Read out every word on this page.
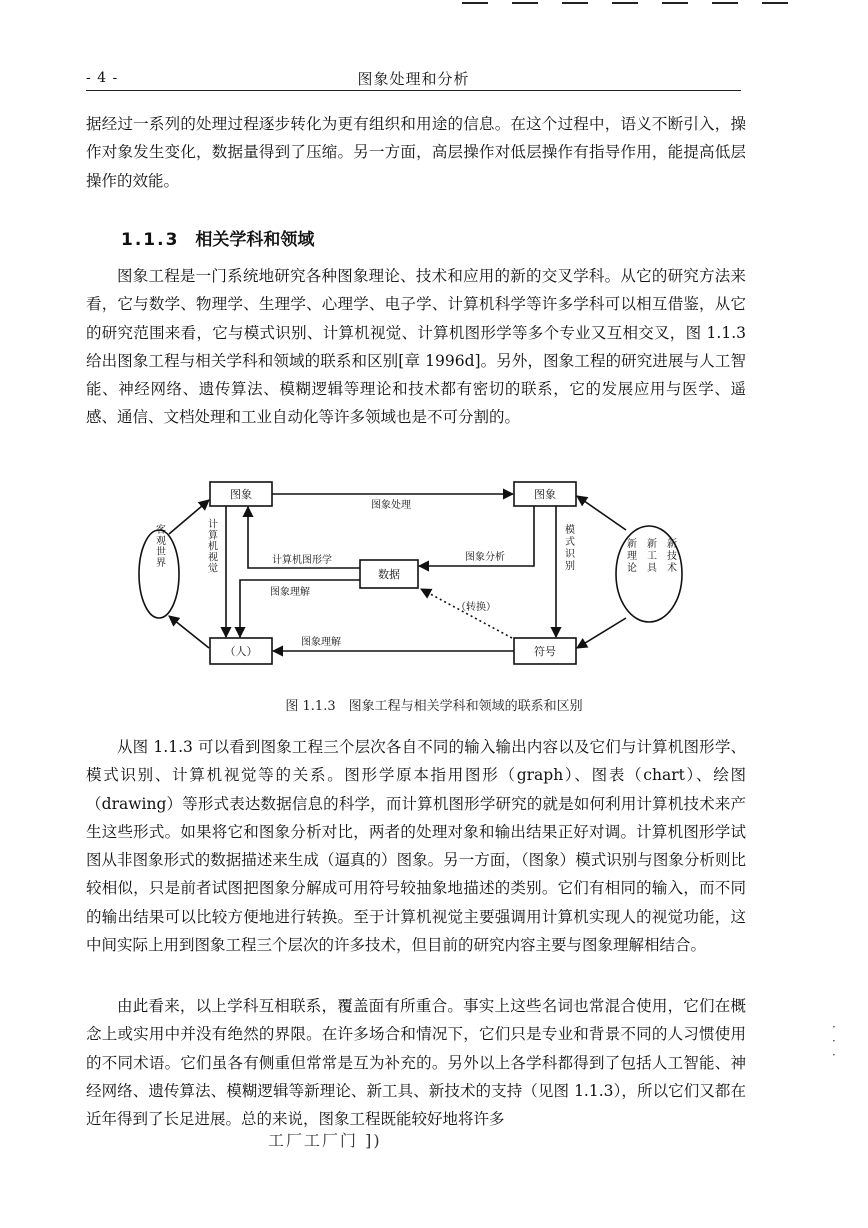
- 4 -	图象处理和分析

据经过一系列的处理过程逐步转化为更有组织和用途的信息。在这个过程中，语义不断引入，操作对象发生变化，数据量得到了压缩。另一方面，高层操作对低层操作有指导作用，能提高低层操作的效能。

1.1.3 相关学科和领域

图象工程是一门系统地研究各种图象理论、技术和应用的新的交叉学科。从它的研究方法来看，它与数学、物理学、生理学、心理学、电子学、计算机科学等许多学科可以相互借鉴，从它的研究范围来看，它与模式识别、计算机视觉、计算机图形学等多个专业又互相交叉，图 1.1.3 给出图象工程与相关学科和领域的联系和区别[章 1996d]。另外，图象工程的研究进展与人工智能、神经网络、遗传算法、模糊逻辑等理论和技术都有密切的联系，它的发展应用与医学、遥感、通信、文档处理和工业自动化等许多领域也是不可分割的。

图象	图象
数据
（人）	符号
图象处理
计算机图形学
图象理解
图象分析
（转换）
图象理解
计算机视觉	模式识别
客观世界	新技术
新工具
新理论
图 1.1.3　图象工程与相关学科和领域的联系和区别

从图 1.1.3 可以看到图象工程三个层次各自不同的输入输出内容以及它们与计算机图形学、模式识别、计算机视觉等的关系。图形学原本指用图形（graph）、图表（chart）、绘图（drawing）等形式表达数据信息的科学，而计算机图形学研究的就是如何利用计算机技术来产生这些形式。如果将它和图象分析对比，两者的处理对象和输出结果正好对调。计算机图形学试图从非图象形式的数据描述来生成（逼真的）图象。另一方面，（图象）模式识别与图象分析则比较相似，只是前者试图把图象分解成可用符号较抽象地描述的类别。它们有相同的输入，而不同的输出结果可以比较方便地进行转换。至于计算机视觉主要强调用计算机实现人的视觉功能，这中间实际上用到图象工程三个层次的许多技术，但目前的研究内容主要与图象理解相结合。

由此看来，以上学科互相联系，覆盖面有所重合。事实上这些名词也常混合使用，它们在概念上或实用中并没有绝然的界限。在许多场合和情况下，它们只是专业和背景不同的人习惯使用的不同术语。它们虽各有侧重但常常是互为补充的。另外以上各学科都得到了包括人工智能、神经网络、遗传算法、模糊逻辑等新理论、新工具、新技术的支持（见图 1.1.3），所以它们又都在近年得到了长足进展。总的来说，图象工程既能较好地将许多

工厂工厂门 ])
·
·
·
